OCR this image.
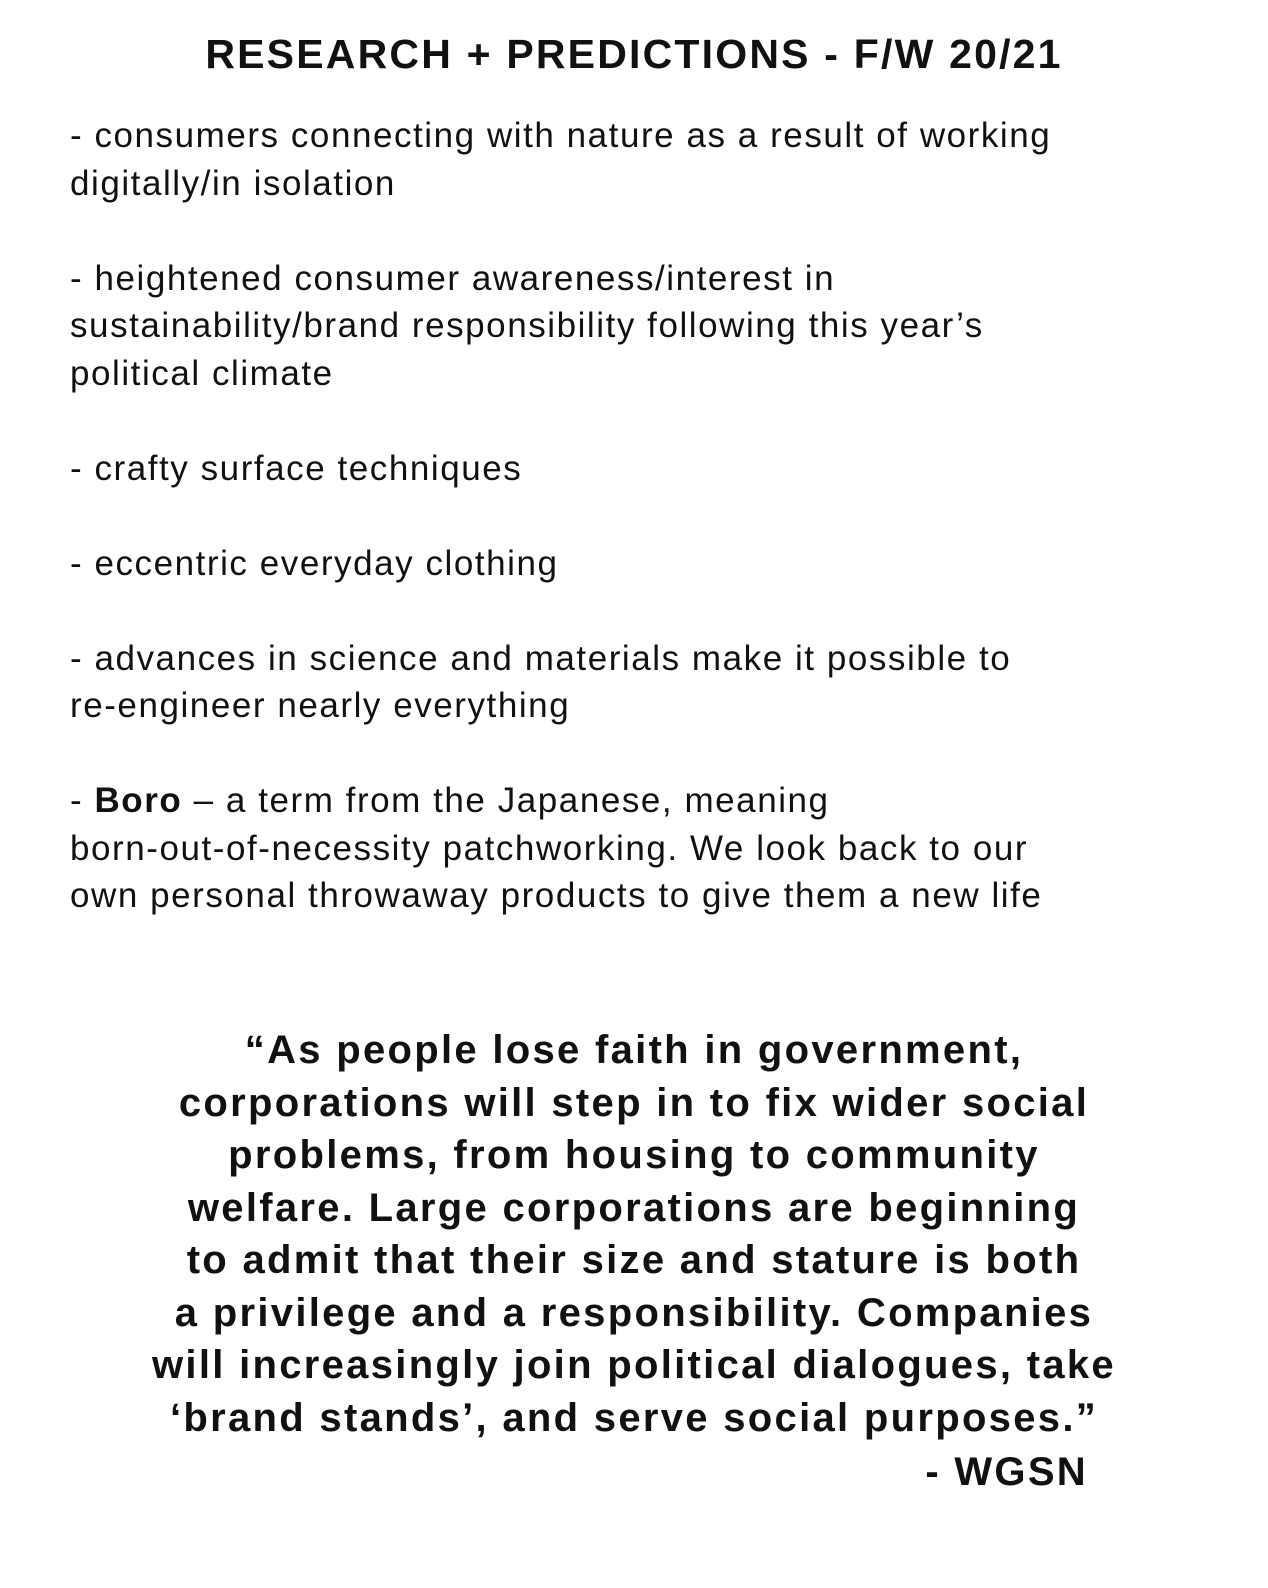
RESEARCH + PREDICTIONS - F/W 20/21

- consumers connecting with nature as a result of working
digitally/in isolation

- heightened consumer awareness/interest in
sustainability/brand responsibility following this year’s
political climate

- crafty surface techniques

- eccentric everyday clothing

- advances in science and materials make it possible to
re-engineer nearly everything

- Boro – a term from the Japanese, meaning
born-out-of-necessity patchworking. We look back to our
own personal throwaway products to give them a new life

“As people lose faith in government,
corporations will step in to fix wider social
problems, from housing to community
welfare. Large corporations are beginning
to admit that their size and stature is both
a privilege and a responsibility. Companies
will increasingly join political dialogues, take
‘brand stands’, and serve social purposes.”
- WGSN
